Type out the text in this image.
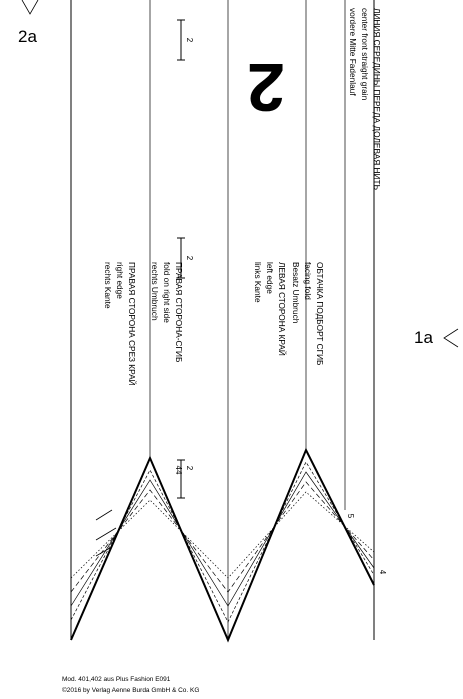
2
2
2
44
5
4
2	vordere Mitte Fadenlauf center front straight grain ЛИНИЯ СЕРЕДИНЫ ПЕРЕДА ДОЛЕВАЯ НИТЬ
Besatz Umbruch facing fold ОБТАЧКА ПОДБОРТ СГИБ
links Kante left edge ЛЕВАЯ СТОРОНА КРАЙ
rechts Umbruch fold on right side ПРАВАЯ СТОРОНА-СГИБ
rechts Kante right edge ПРАВАЯ СТОРОНА СРЕЗ КРАЙ
2a
1a
Mod. 401,402 aus Plus Fashion E091
©2016 by Verlag Aenne Burda GmbH & Co. KG
